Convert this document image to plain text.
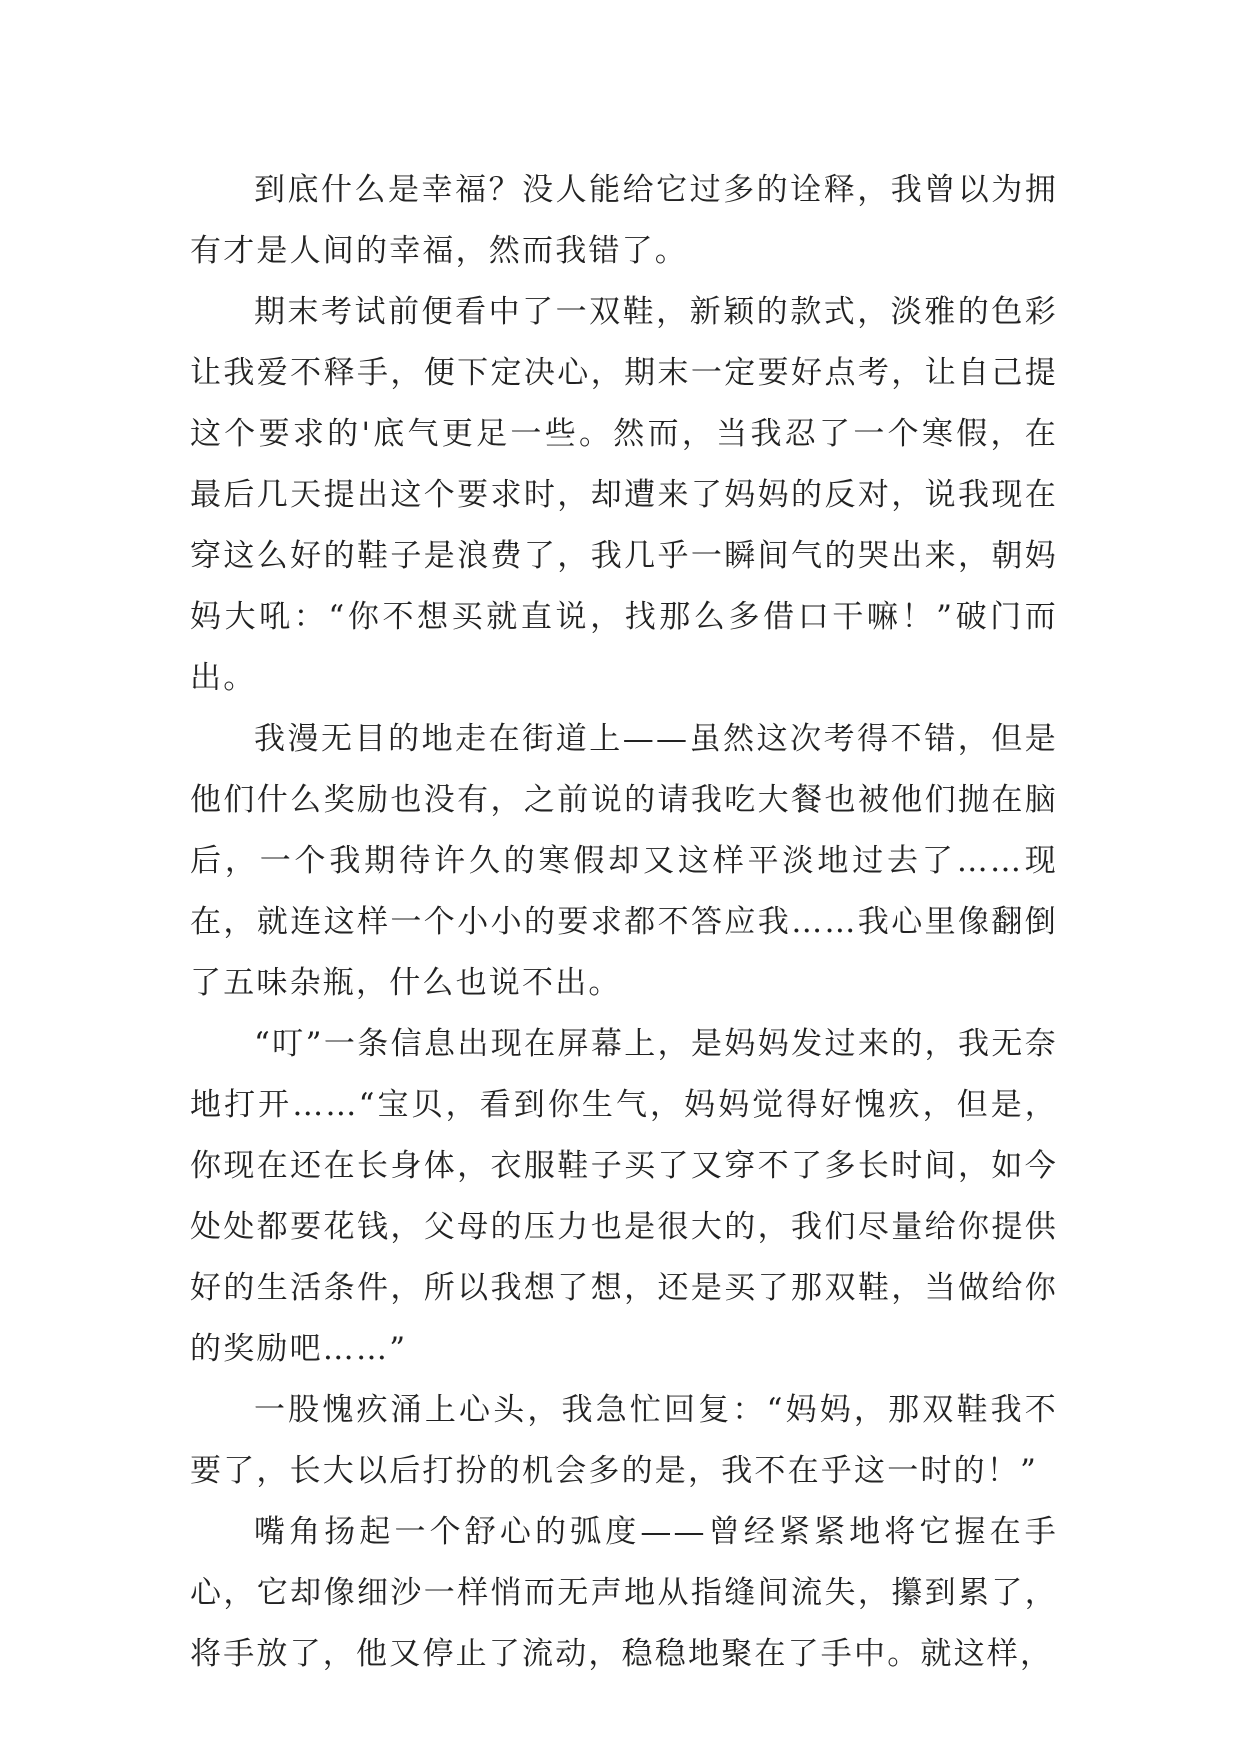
到底什么是幸福？没人能给它过多的诠释，我曾以为拥有才是人间的幸福，然而我错了。

期末考试前便看中了一双鞋，新颖的款式，淡雅的色彩让我爱不释手，便下定决心，期末一定要好点考，让自己提这个要求的'底气更足一些。然而，当我忍了一个寒假，在最后几天提出这个要求时，却遭来了妈妈的反对，说我现在穿这么好的鞋子是浪费了，我几乎一瞬间气的哭出来，朝妈妈大吼：“你不想买就直说，找那么多借口干嘛！”破门而出。

我漫无目的地走在街道上——虽然这次考得不错，但是他们什么奖励也没有，之前说的请我吃大餐也被他们抛在脑后，一个我期待许久的寒假却又这样平淡地过去了……现在，就连这样一个小小的要求都不答应我……我心里像翻倒了五味杂瓶，什么也说不出。

“叮”一条信息出现在屏幕上，是妈妈发过来的，我无奈地打开……“宝贝，看到你生气，妈妈觉得好愧疚，但是，你现在还在长身体，衣服鞋子买了又穿不了多长时间，如今处处都要花钱，父母的压力也是很大的，我们尽量给你提供好的生活条件，所以我想了想，还是买了那双鞋，当做给你的奖励吧……”

一股愧疚涌上心头，我急忙回复：“妈妈，那双鞋我不要了，长大以后打扮的机会多的是，我不在乎这一时的！”

嘴角扬起一个舒心的弧度——曾经紧紧地将它握在手心，它却像细沙一样悄而无声地从指缝间流失，攥到累了，将手放了，他又停止了流动，稳稳地聚在了手中。就这样，
